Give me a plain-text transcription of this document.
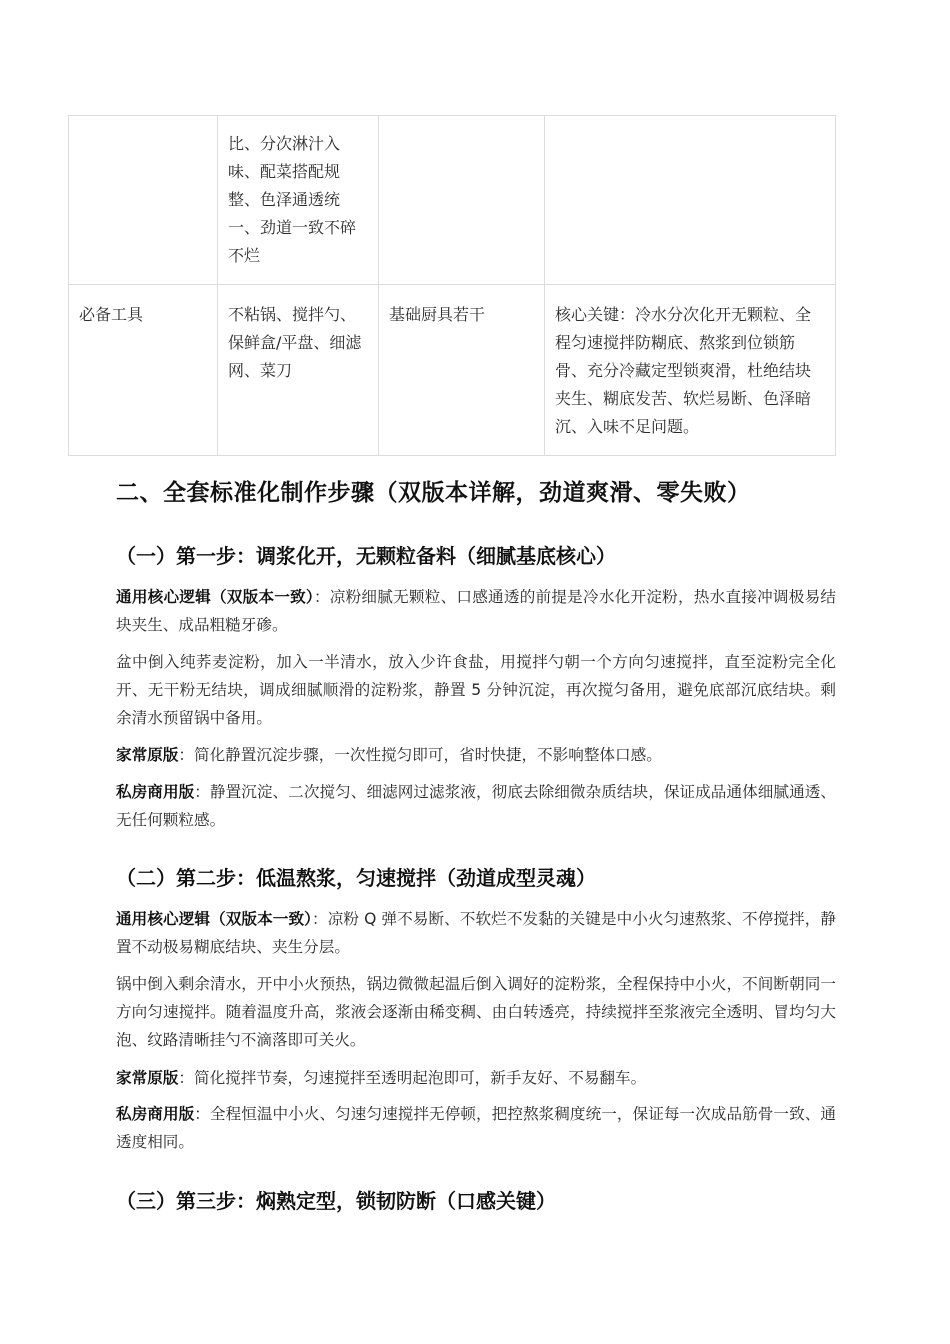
	比、分次淋汁入味、配菜搭配规整、色泽通透统一、劲道一致不碎不烂		
必备工具	不粘锅、搅拌勺、保鲜盒/平盘、细滤网、菜刀	基础厨具若干	核心关键：冷水分次化开无颗粒、全程匀速搅拌防糊底、熬浆到位锁筋骨、充分冷藏定型锁爽滑，杜绝结块夹生、糊底发苦、软烂易断、色泽暗沉、入味不足问题。
二、全套标准化制作步骤（双版本详解，劲道爽滑、零失败）
（一）第一步：调浆化开，无颗粒备料（细腻基底核心）
通用核心逻辑（双版本一致）：凉粉细腻无颗粒、口感通透的前提是冷水化开淀粉，热水直接冲调极易结块夹生、成品粗糙牙碜。
盆中倒入纯荞麦淀粉，加入一半清水，放入少许食盐，用搅拌勺朝一个方向匀速搅拌，直至淀粉完全化开、无干粉无结块，调成细腻顺滑的淀粉浆，静置 5 分钟沉淀，再次搅匀备用，避免底部沉底结块。剩余清水预留锅中备用。
家常原版：简化静置沉淀步骤，一次性搅匀即可，省时快捷，不影响整体口感。
私房商用版：静置沉淀、二次搅匀、细滤网过滤浆液，彻底去除细微杂质结块，保证成品通体细腻通透、无任何颗粒感。
（二）第二步：低温熬浆，匀速搅拌（劲道成型灵魂）
通用核心逻辑（双版本一致）：凉粉 Q 弹不易断、不软烂不发黏的关键是中小火匀速熬浆、不停搅拌，静置不动极易糊底结块、夹生分层。
锅中倒入剩余清水，开中小火预热，锅边微微起温后倒入调好的淀粉浆，全程保持中小火，不间断朝同一方向匀速搅拌。随着温度升高，浆液会逐渐由稀变稠、由白转透亮，持续搅拌至浆液完全透明、冒均匀大泡、纹路清晰挂勺不滴落即可关火。
家常原版：简化搅拌节奏，匀速搅拌至透明起泡即可，新手友好、不易翻车。
私房商用版：全程恒温中小火、匀速匀速搅拌无停顿，把控熬浆稠度统一，保证每一次成品筋骨一致、通透度相同。
（三）第三步：焖熟定型，锁韧防断（口感关键）
